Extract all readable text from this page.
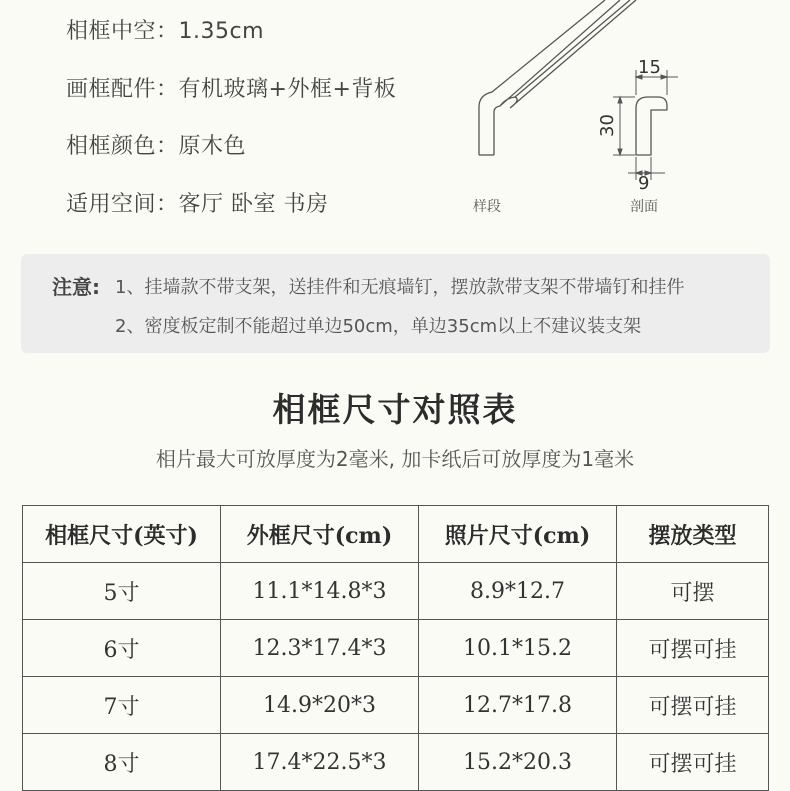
相框中空：1.35cm
画框配件：有机玻璃+外框+背板
相框颜色：原木色
适用空间：客厅 卧室 书房
15
30
9
样段	剖面
注意: 1、挂墙款不带支架，送挂件和无痕墙钉，摆放款带支架不带墙钉和挂件
2、密度板定制不能超过单边50cm，单边35cm以上不建议装支架
相框尺寸对照表
相片最大可放厚度为2毫米, 加卡纸后可放厚度为1毫米
相框尺寸(英寸)	外框尺寸(cm)	照片尺寸(cm)	摆放类型
5寸	11.1*14.8*3	8.9*12.7	可摆
6寸	12.3*17.4*3	10.1*15.2	可摆可挂
7寸	14.9*20*3	12.7*17.8	可摆可挂
8寸	17.4*22.5*3	15.2*20.3	可摆可挂
